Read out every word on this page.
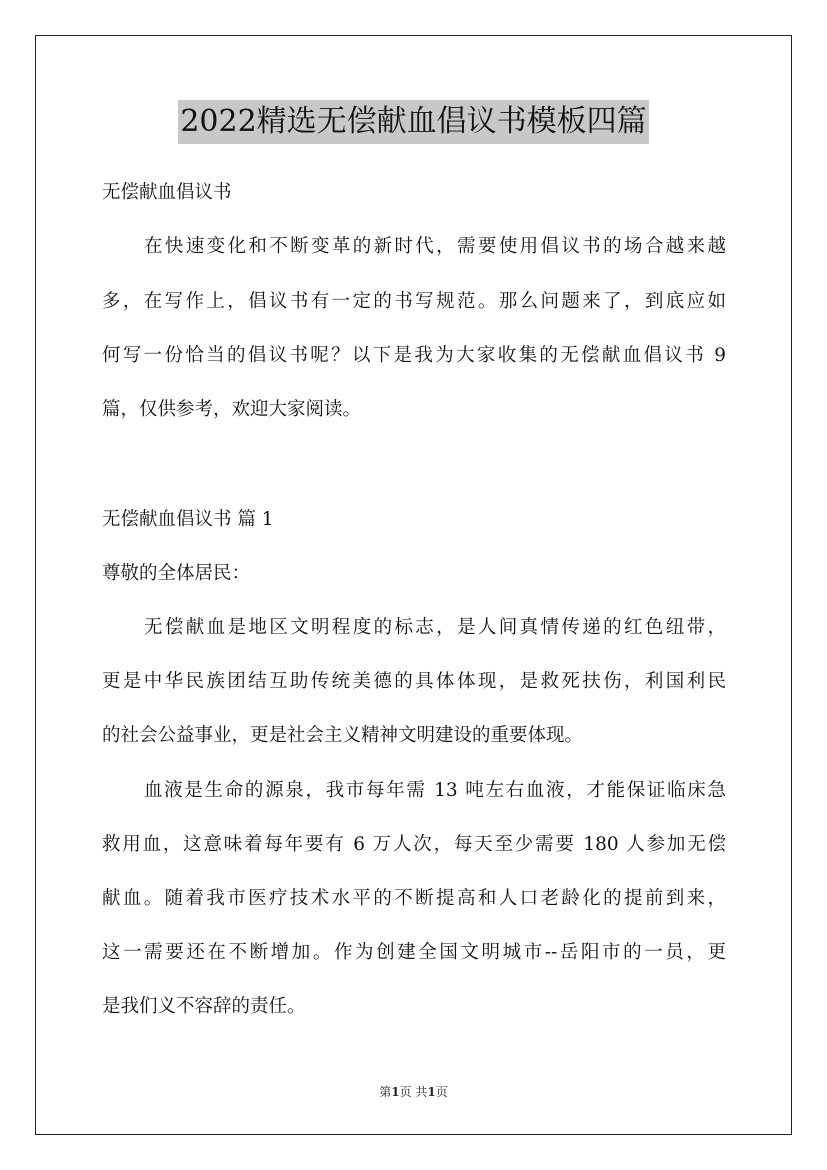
2022精选无偿献血倡议书模板四篇
无偿献血倡议书
在快速变化和不断变革的新时代，需要使用倡议书的场合越来越
多，在写作上，倡议书有一定的书写规范。那么问题来了，到底应如
何写一份恰当的倡议书呢？以下是我为大家收集的无偿献血倡议书 9
篇，仅供参考，欢迎大家阅读。
无偿献血倡议书 篇 1
尊敬的全体居民：
无偿献血是地区文明程度的标志，是人间真情传递的红色纽带，
更是中华民族团结互助传统美德的具体体现，是救死扶伤，利国利民
的社会公益事业，更是社会主义精神文明建设的重要体现。
血液是生命的源泉，我市每年需 13 吨左右血液，才能保证临床急
救用血，这意味着每年要有 6 万人次，每天至少需要 180 人参加无偿
献血。随着我市医疗技术水平的不断提高和人口老龄化的提前到来，
这一需要还在不断增加。作为创建全国文明城市--岳阳市的一员，更
是我们义不容辞的责任。
第1页 共1页
